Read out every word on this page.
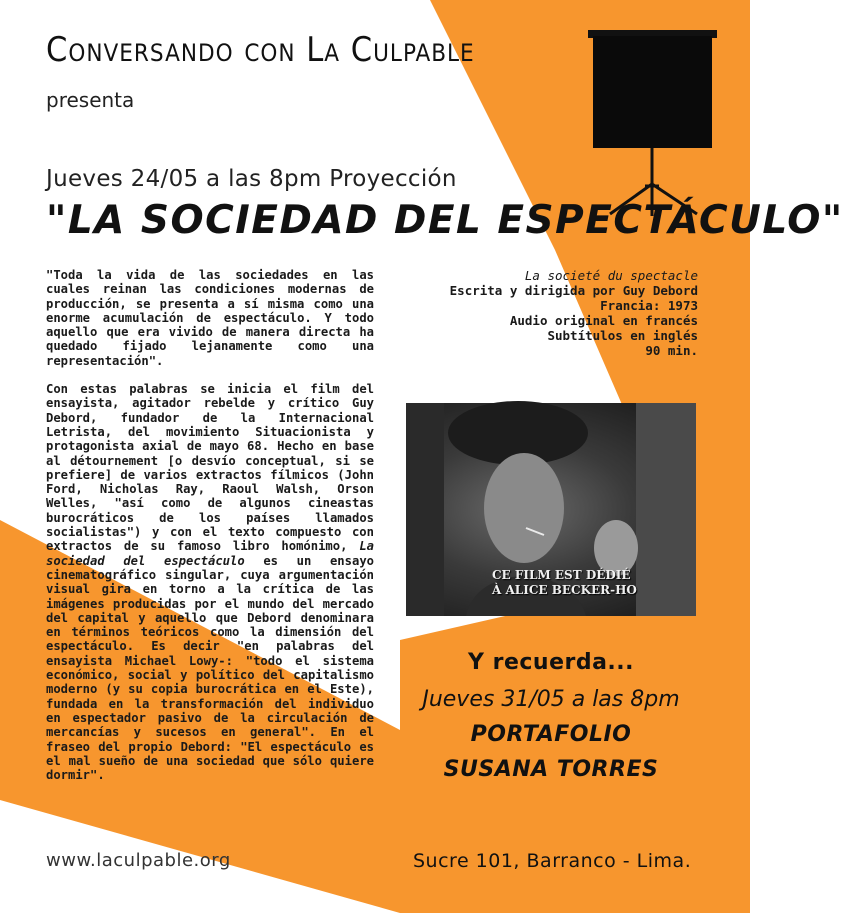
Conversando con La Culpable
presenta
Jueves 24/05 a las 8pm Proyección
"LA SOCIEDAD DEL ESPECTÁCULO"

"Toda la vida de las sociedades en las cuales reinan las condiciones modernas de producción, se presenta a sí misma como una enorme acumulación de espectáculo. Y todo aquello que era vivido de manera directa ha quedado fijado lejanamente como una representación".

Con estas palabras se inicia el film del ensayista, agitador rebelde y crítico Guy Debord, fundador de la Internacional Letrista, del movimiento Situacionista y protagonista axial de mayo 68. Hecho en base al détournement [o desvío conceptual, si se prefiere] de varios extractos fílmicos (John Ford, Nicholas Ray, Raoul Walsh, Orson Welles, "así como de algunos cineastas burocráticos de los países llamados socialistas") y con el texto compuesto con extractos de su famoso libro homónimo, La sociedad del espectáculo es un ensayo cinematográfico singular, cuya argumentación visual gira en torno a la crítica de las imágenes producidas por el mundo del mercado del capital y aquello que Debord denominara en términos teóricos como la dimensión del espectáculo. Es decir "en palabras del ensayista Michael Lowy-: "todo el sistema económico, social y político del capitalismo moderno (y su copia burocrática en el Este), fundada en la transformación del individuo en espectador pasivo de la circulación de mercancías y sucesos en general". En el fraseo del propio Debord: "El espectáculo es el mal sueño de una sociedad que sólo quiere dormir".

La societé du spectacle
Escrita y dirigida por Guy Debord
Francia: 1973
Audio original en francés
Subtítulos en inglés
90 min.
CE FILM EST DÉDIÉ
À ALICE BECKER-HO
Y recuerda...
Jueves 31/05 a las 8pm
PORTAFOLIO
SUSANA TORRES
www.laculpable.org	Sucre 101, Barranco - Lima.
